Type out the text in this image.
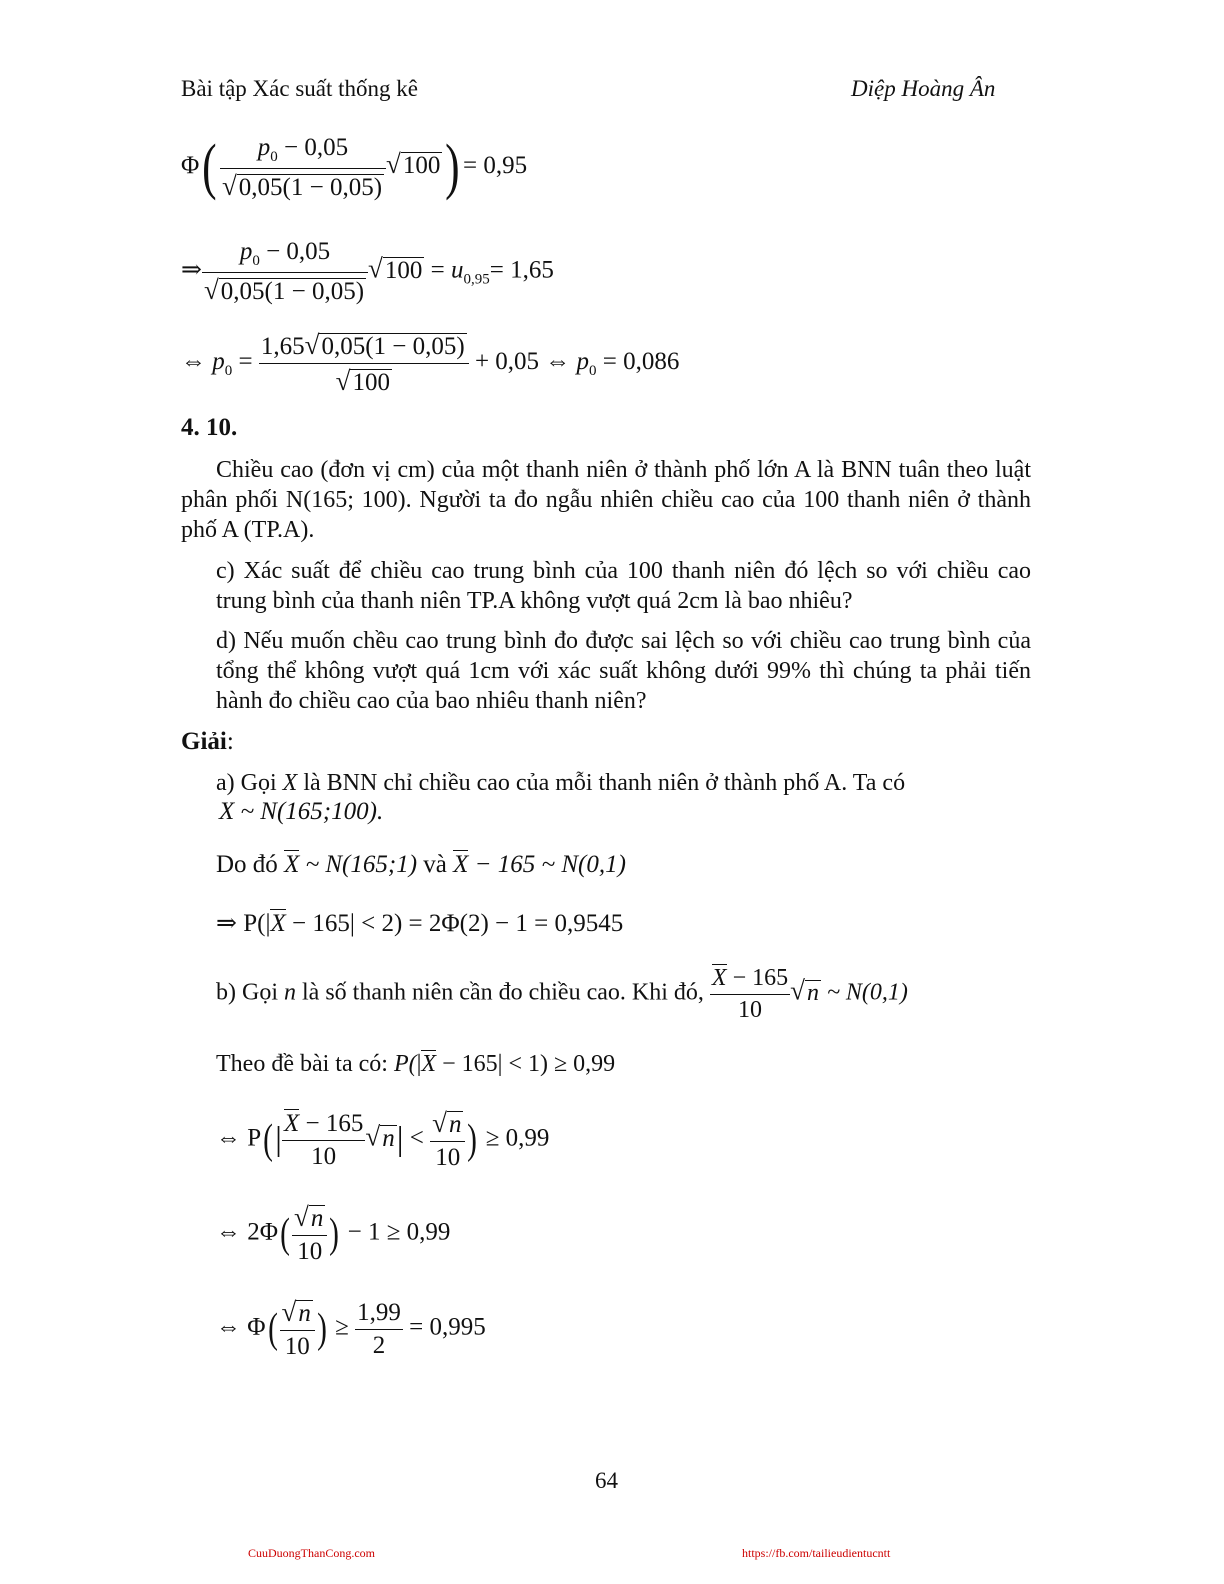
Bài tập Xác suất thống kê	Diệp Hoàng Ân
$\Phi( \frac{p_0 - 0,05}{√0,05(1 - 0,05)} √100) = 0,95$
⇒ $\frac{p_0 - 0,05}{√0,05(1 - 0,05)} √100 = u_{0,95}= 1,65$
⇔ $p_0 = \frac{1,65√0,05(1 - 0,05)}{√100} + 0,05$ ⇔ $p_0 = 0,086$
4. 10.
Chiều cao (đơn vị cm) của một thanh niên ở thành phố lớn A là BNN tuân theo luật phân phối N(165; 100). Người ta đo ngẫu nhiên chiều cao của 100 thanh niên ở thành phố A (TP.A).
c) Xác suất để chiều cao trung bình của 100 thanh niên đó lệch so với chiều cao trung bình của thanh niên TP.A không vượt quá 2cm là bao nhiêu?
d) Nếu muốn chều cao trung bình đo được sai lệch so với chiều cao trung bình của tổng thể không vượt quá 1cm với xác suất không dưới 99% thì chúng ta phải tiến hành đo chiều cao của bao nhiêu thanh niên?
Giải:
a) Gọi X là BNN chỉ chiều cao của mỗi thanh niên ở thành phố A. Ta có
X ~ N(165;100).
Do đó X ~ N(165;1) và X − 165 ~ N(0,1)
⇒ P(|X − 165| < 2) = 2Φ(2) − 1 = 0,9545
b) Gọi n là số thanh niên cần đo chiều cao. Khi đó, $\frac{X - 165}{10} √n$ ~ N(0,1)
Theo đề bài ta có: P(|X − 165| < 1) ≥ 0,99
⇔ $P(| \frac{X - 165}{10} √n| < \frac{√n}{10}$ ) ≥ 0,99
⇔ $2\Phi( \frac{√n}{10}$ ) − 1 ≥ 0,99
⇔ $\Phi( \frac{√n}{10}$ ) ≥ $\frac{1,99}{2} = 0,995$
64
CuuDuongThanCong.com	https://fb.com/tailieudientucntt
